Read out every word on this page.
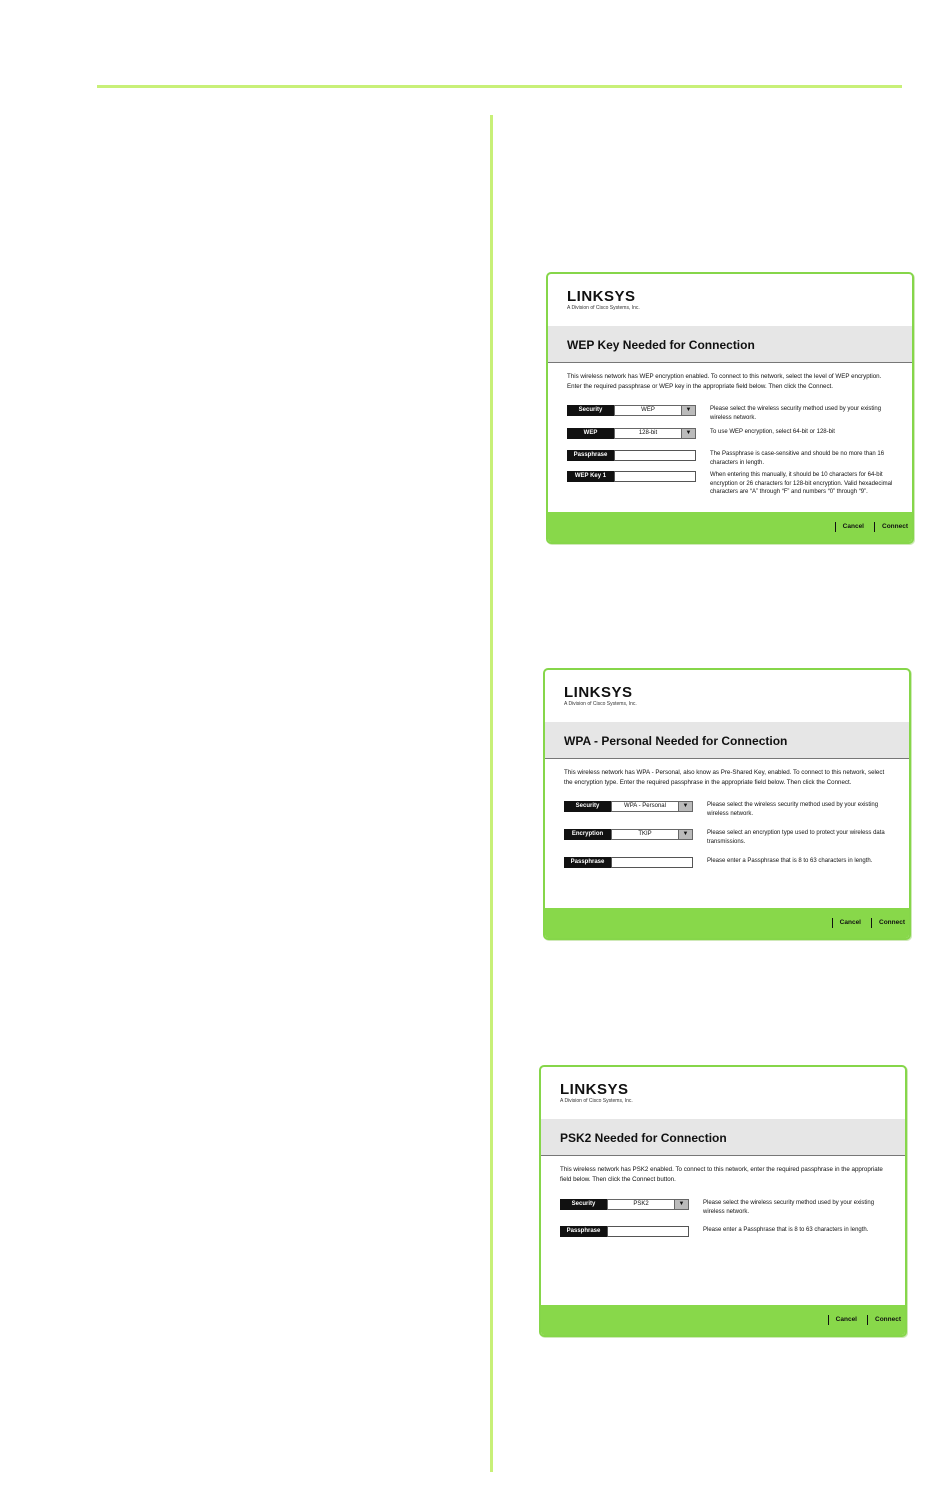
LINKSYS
A Division of Cisco Systems, Inc.
WEP Key Needed for Connection
This wireless network has WEP encryption enabled. To connect to this network, select the level of WEP encryption. Enter the required passphrase or WEP key in the appropriate field below. Then click the Connect.
Security	WEP	▼	Please select the wireless security method used by your existing wireless network.
WEP	128-bit	▼	To use WEP encryption, select 64-bit or 128-bit
Passphrase	The Passphrase is case-sensitive and should be no more than 16 characters in length.
WEP Key 1	When entering this manually, it should be 10 characters for 64-bit encryption or 26 characters for 128-bit encryption. Valid hexadecimal characters are “A” through “F” and numbers “0” through “9”.
Cancel	Connect
LINKSYS
A Division of Cisco Systems, Inc.
WPA - Personal Needed for Connection
This wireless network has WPA - Personal, also know as Pre-Shared Key, enabled. To connect to this network, select the encryption type. Enter the required passphrase in the appropriate field below. Then click the Connect.
Security	WPA - Personal	▼	Please select the wireless security method used by your existing wireless network.
Encryption	TKIP	▼	Please select an encryption type used to protect your wireless data transmissions.
Passphrase	Please enter a Passphrase that is 8 to 63 characters in length.
Cancel	Connect
LINKSYS
A Division of Cisco Systems, Inc.
PSK2 Needed for Connection
This wireless network has PSK2 enabled. To connect to this network, enter the required passphrase in the appropriate field below. Then click the Connect button.
Security	PSK2	▼	Please select the wireless security method used by your existing wireless network.
Passphrase	Please enter a Passphrase that is 8 to 63 characters in length.
Cancel	Connect
